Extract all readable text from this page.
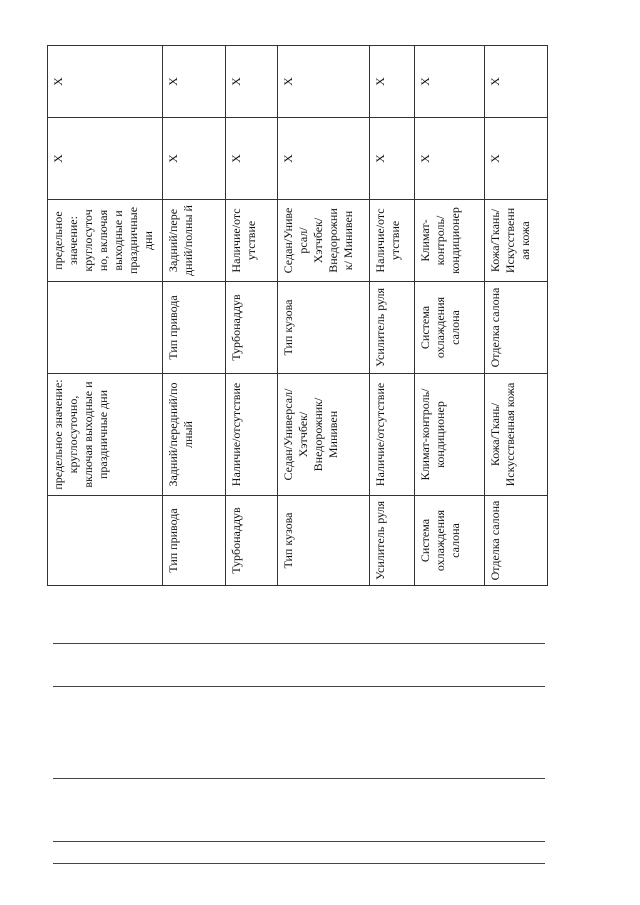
	предельное значение: круглосуточно, включая выходные и праздничные дни		предельное значение: круглосуточ но, включая выходные и праздничные дни	X	X
Тип привода	Задний/передний/по лный	Тип привода	Задний/пере дний/полны й	X	X
Турбонаддув	Наличие/отсутствие	Турбонаддув	Наличие/отс утствие	X	X
Тип кузова	Седан/Универсал/ Хэтчбек/ Внедорожник/ Минивен	Тип кузова	Седан/Униве рсал/ Хэтчбек/ Внедорожни к/ Минивен	X	X
Усилитель руля	Наличие/отсутствие	Усилитель руля	Наличие/отс утствие	X	X
Система охлаждения салона	Климат-контроль/ кондиционер	Система охлаждения салона	Климат- контроль/ кондиционер	X	X
Отделка салона	Кожа/Ткань/ Искусственная кожа	Отделка салона	Кожа/Ткань/ Искусственн ая кожа	X	X
